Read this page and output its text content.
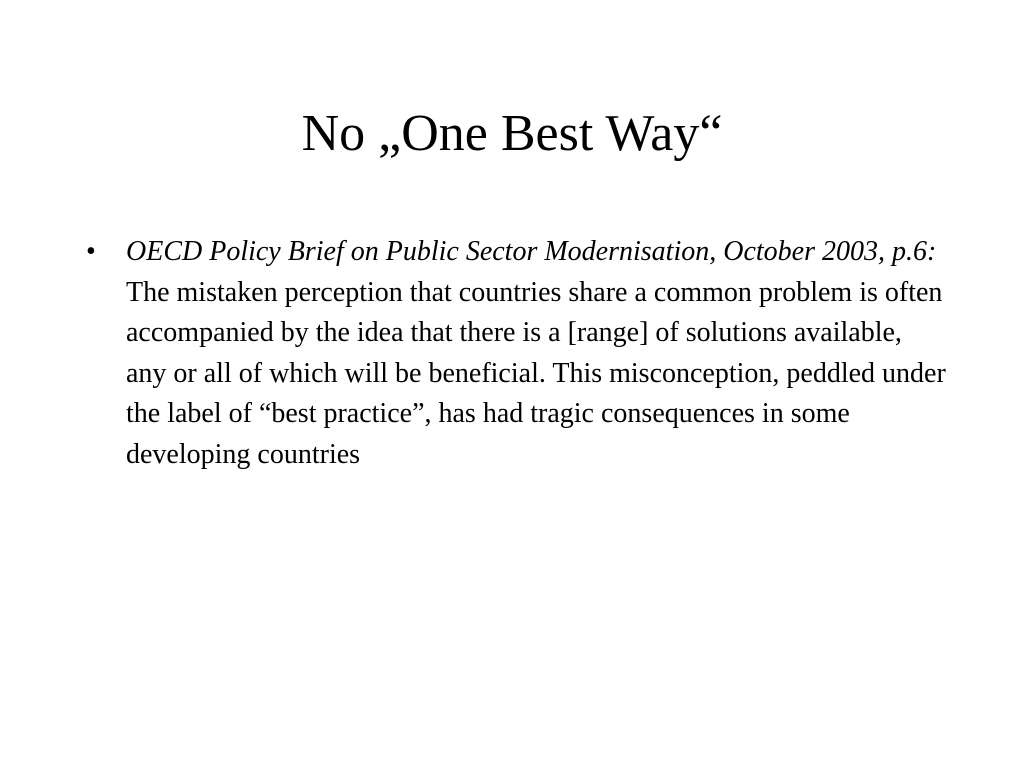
No „One Best Way“
•	OECD Policy Brief on Public Sector Modernisation, October 2003, p.6: The mistaken perception that countries share a common problem is often accompanied by the idea that there is a [range] of solutions available, any or all of which will be beneficial. This misconception, peddled under the label of “best practice”, has had tragic consequences in some developing countries
